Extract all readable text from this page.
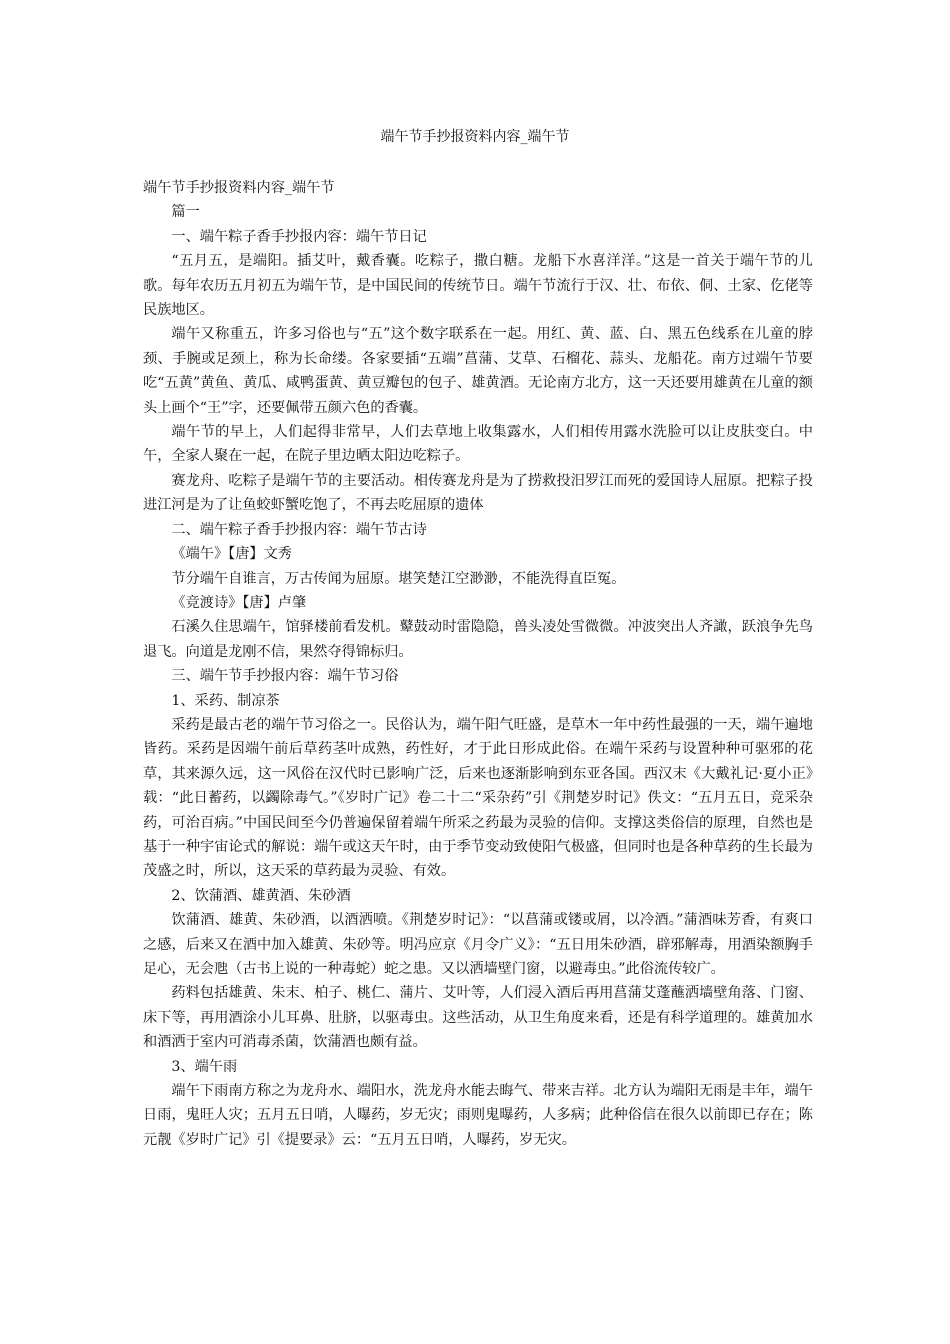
端午节手抄报资料内容_端午节

端午节手抄报资料内容_端午节

篇一

一、端午粽子香手抄报内容：端午节日记

“五月五，是端阳。插艾叶，戴香囊。吃粽子，撒白糖。龙船下水喜洋洋。”这是一首关于端午节的儿歌。每年农历五月初五为端午节，是中国民间的传统节日。端午节流行于汉、壮、布依、侗、土家、仡佬等民族地区。

端午又称重五，许多习俗也与“五”这个数字联系在一起。用红、黄、蓝、白、黑五色线系在儿童的脖颈、手腕或足颈上，称为长命缕。各家要插“五端”菖蒲、艾草、石榴花、蒜头、龙船花。南方过端午节要吃“五黄”黄鱼、黄瓜、咸鸭蛋黄、黄豆瓣包的包子、雄黄酒。无论南方北方，这一天还要用雄黄在儿童的额头上画个“王”字，还要佩带五颜六色的香囊。

端午节的早上，人们起得非常早，人们去草地上收集露水，人们相传用露水洗脸可以让皮肤变白。中午，全家人聚在一起，在院子里边晒太阳边吃粽子。

赛龙舟、吃粽子是端午节的主要活动。相传赛龙舟是为了捞救投汨罗江而死的爱国诗人屈原。把粽子投进江河是为了让鱼蛟虾蟹吃饱了，不再去吃屈原的遗体

二、端午粽子香手抄报内容：端午节古诗

《端午》【唐】文秀

节分端午自谁言，万古传闻为屈原。堪笑楚江空渺渺，不能洗得直臣冤。

《竞渡诗》【唐】卢肇

石溪久住思端午，馆驿楼前看发机。鼙鼓动时雷隐隐，兽头凌处雪微微。冲波突出人齐譀，跃浪争先鸟退飞。向道是龙刚不信，果然夺得锦标归。

三、端午节手抄报内容：端午节习俗

1、采药、制凉茶

采药是最古老的端午节习俗之一。民俗认为，端午阳气旺盛，是草木一年中药性最强的一天，端午遍地皆药。采药是因端午前后草药茎叶成熟，药性好，才于此日形成此俗。在端午采药与设置种种可驱邪的花草，其来源久远，这一风俗在汉代时已影响广泛，后来也逐渐影响到东亚各国。西汉末《大戴礼记·夏小正》载：“此日蓄药，以蠲除毒气。”《岁时广记》卷二十二“采杂药”引《荆楚岁时记》佚文：“五月五日，竞采杂药，可治百病。”中国民间至今仍普遍保留着端午所采之药最为灵验的信仰。支撑这类俗信的原理，自然也是基于一种宇宙论式的解说：端午或这天午时，由于季节变动致使阳气极盛，但同时也是各种草药的生长最为茂盛之时，所以，这天采的草药最为灵验、有效。

2、饮蒲酒、雄黄酒、朱砂酒

饮蒲酒、雄黄、朱砂酒，以酒洒喷。《荆楚岁时记》：“以菖蒲或镂或屑，以冷酒。”蒲酒味芳香，有爽口之感，后来又在酒中加入雄黄、朱砂等。明冯应京《月令广义》：“五日用朱砂酒，辟邪解毒，用酒染额胸手足心，无会虺（古书上说的一种毒蛇）蛇之患。又以洒墙壁门窗，以避毒虫。”此俗流传较广。

药料包括雄黄、朱末、柏子、桃仁、蒲片、艾叶等，人们浸入酒后再用菖蒲艾蓬蘸洒墙壁角落、门窗、床下等，再用酒涂小儿耳鼻、肚脐，以驱毒虫。这些活动，从卫生角度来看，还是有科学道理的。雄黄加水和酒洒于室内可消毒杀菌，饮蒲酒也颇有益。

3、端午雨

端午下雨南方称之为龙舟水、端阳水，洗龙舟水能去晦气、带来吉祥。北方认为端阳无雨是丰年，端午日雨，鬼旺人灾；五月五日哨，人曝药，岁无灾；雨则鬼曝药，人多病；此种俗信在很久以前即已存在；陈元靓《岁时广记》引《提要录》云：“五月五日哨，人曝药，岁无灾。
